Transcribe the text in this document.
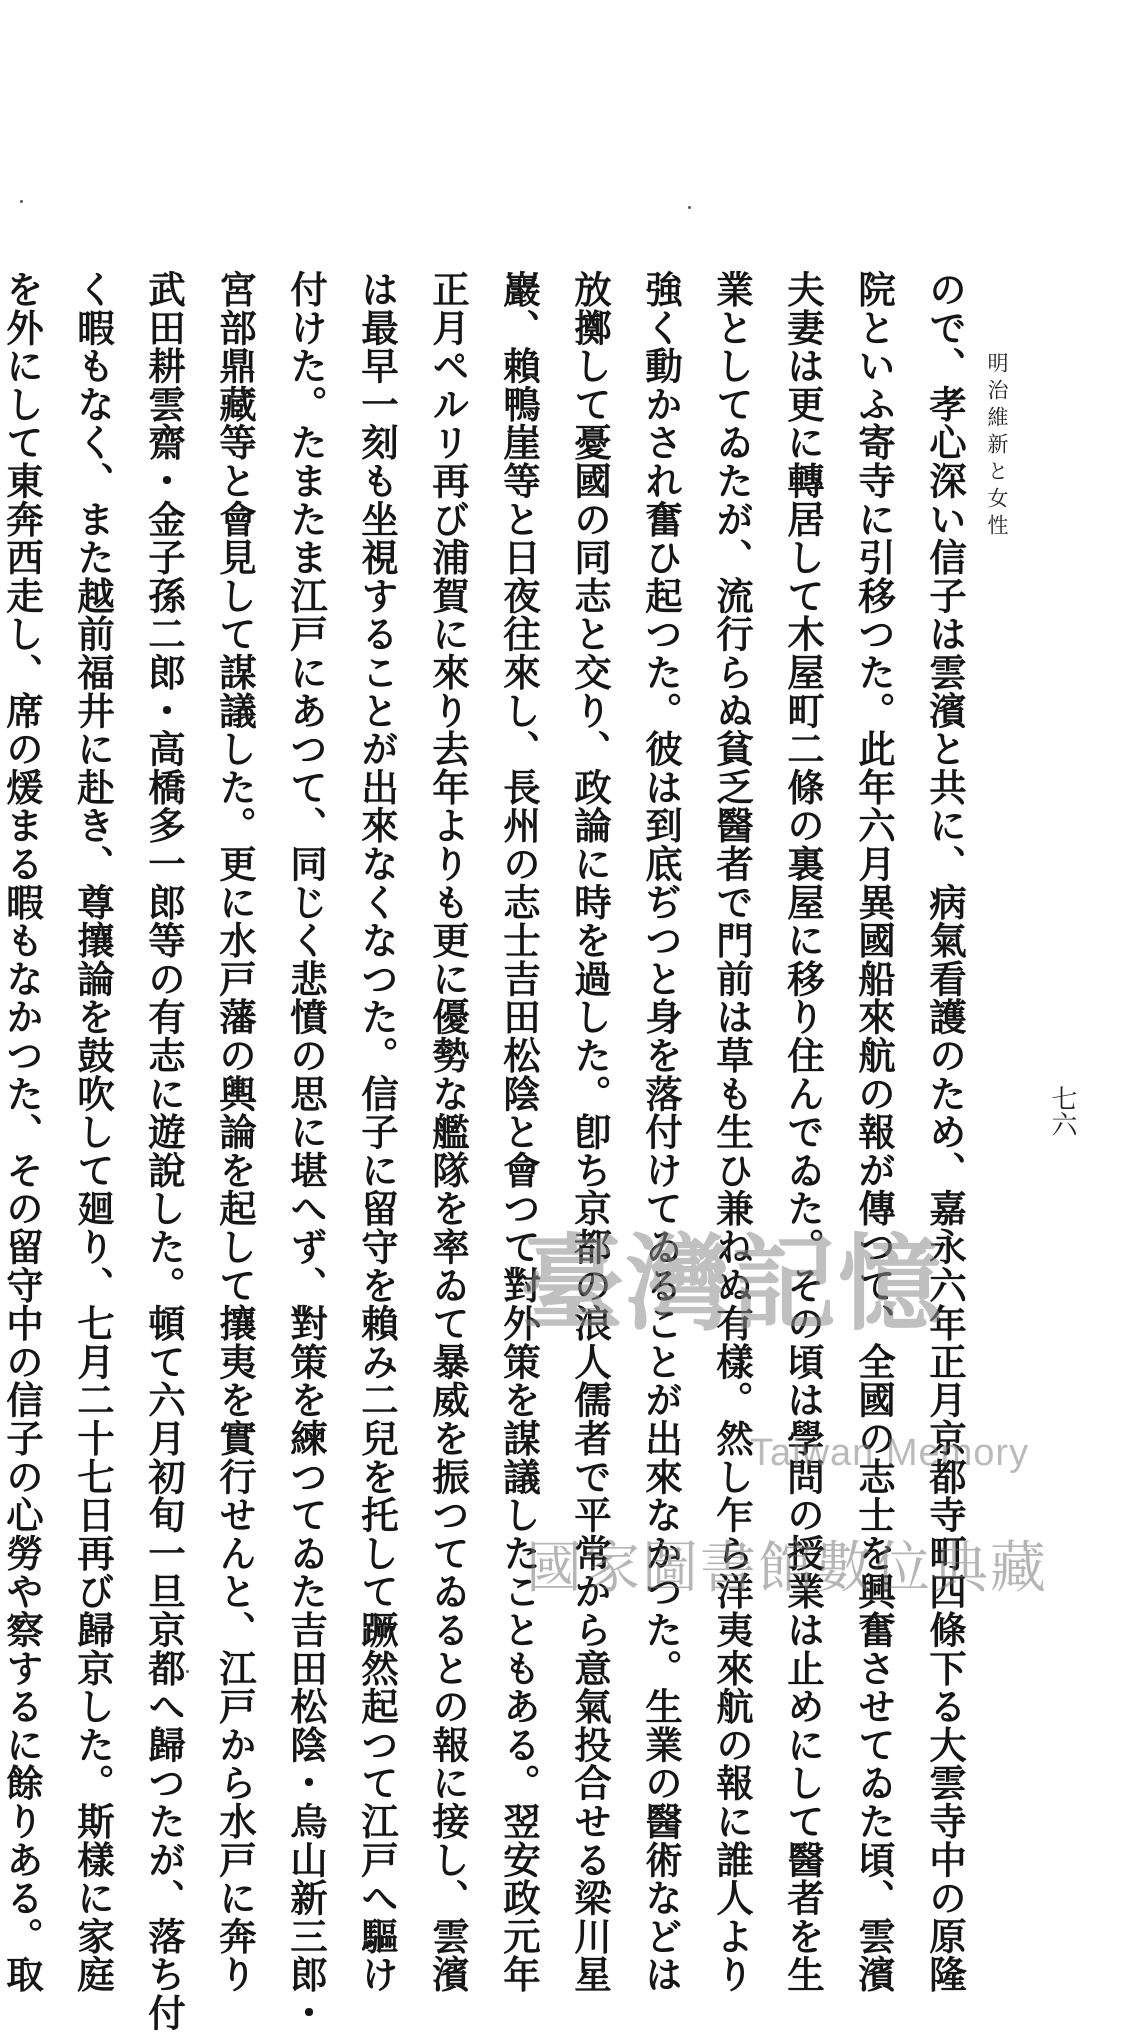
明治維新と女性
七六
ので、孝心深い信子は雲濱と共に、病氣看護のため、嘉永六年正月京都寺町四條下る大雲寺中の原隆
院といふ寄寺に引移つた。此年六月異國船來航の報が傳つて、全國の志士を興奮させてゐた頃、雲濱
夫妻は更に轉居して木屋町二條の裏屋に移り住んでゐた。その頃は學問の授業は止めにして醫者を生
業としてゐたが、流行らぬ貧乏醫者で門前は草も生ひ兼ねぬ有樣。然し乍ら洋夷來航の報に誰人より
強く動かされ奮ひ起つた。彼は到底ぢつと身を落付けてゐることが出來なかつた。生業の醫術などは
放擲して憂國の同志と交り、政論に時を過した。卽ち京都の浪人儒者で平常から意氣投合せる梁川星
巖、賴鴨崖等と日夜往來し、長州の志士吉田松陰と會つて對外策を謀議したこともある。翌安政元年
正月ペルリ再び浦賀に來り去年よりも更に優勢な艦隊を率ゐて暴威を振つてゐるとの報に接し、雲濱
は最早一刻も坐視することが出來なくなつた。信子に留守を賴み二兒を托して蹶然起つて江戸へ驅け
付けた。たまたま江戸にあつて、同じく悲憤の思に堪へず、對策を練つてゐた吉田松陰・烏山新三郎・
宮部鼎藏等と會見して謀議した。更に水戸藩の輿論を起して攘夷を實行せんと、江戸から水戸に奔り
武田耕雲齋・金子孫二郎・高橋多一郎等の有志に遊說した。頓て六月初旬一旦京都へ歸つたが、落ち付
く暇もなく、また越前福井に赴き、尊攘論を鼓吹して廻り、七月二十七日再び歸京した。斯樣に家庭
を外にして東奔西走し、席の煖まる暇もなかつた、その留守中の信子の心勞や察するに餘りある。取	臺灣記憶
Taiwan Memory
國家圖書館數位典藏
